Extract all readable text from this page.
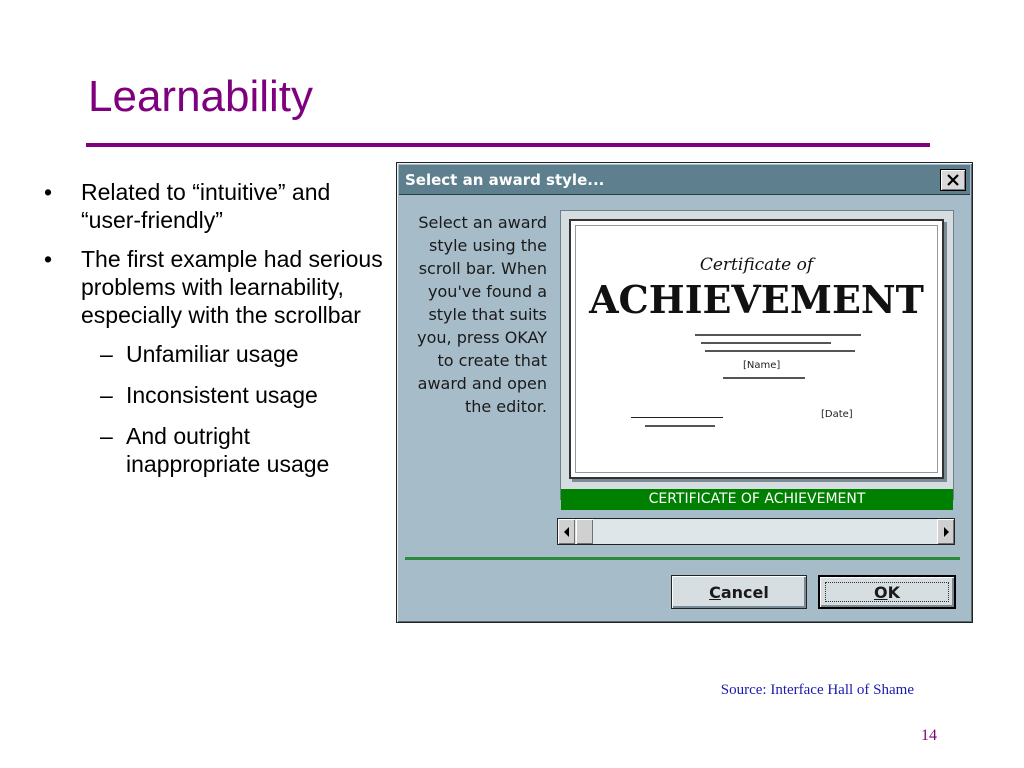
Learnability
• Related to “intuitive” and “user-friendly”
• The first example had serious problems with learnability, especially with the scrollbar
– Unfamiliar usage
– Inconsistent usage
– And outright inappropriate usage
Select an award style...
Select an award style using the scroll bar. When you've found a style that suits you, press OKAY to create that award and open the editor.
Certificate of
ACHIEVEMENT
[Name]
[Date]
CERTIFICATE OF ACHIEVEMENT
Cancel	OK
Source: Interface Hall of Shame
14
